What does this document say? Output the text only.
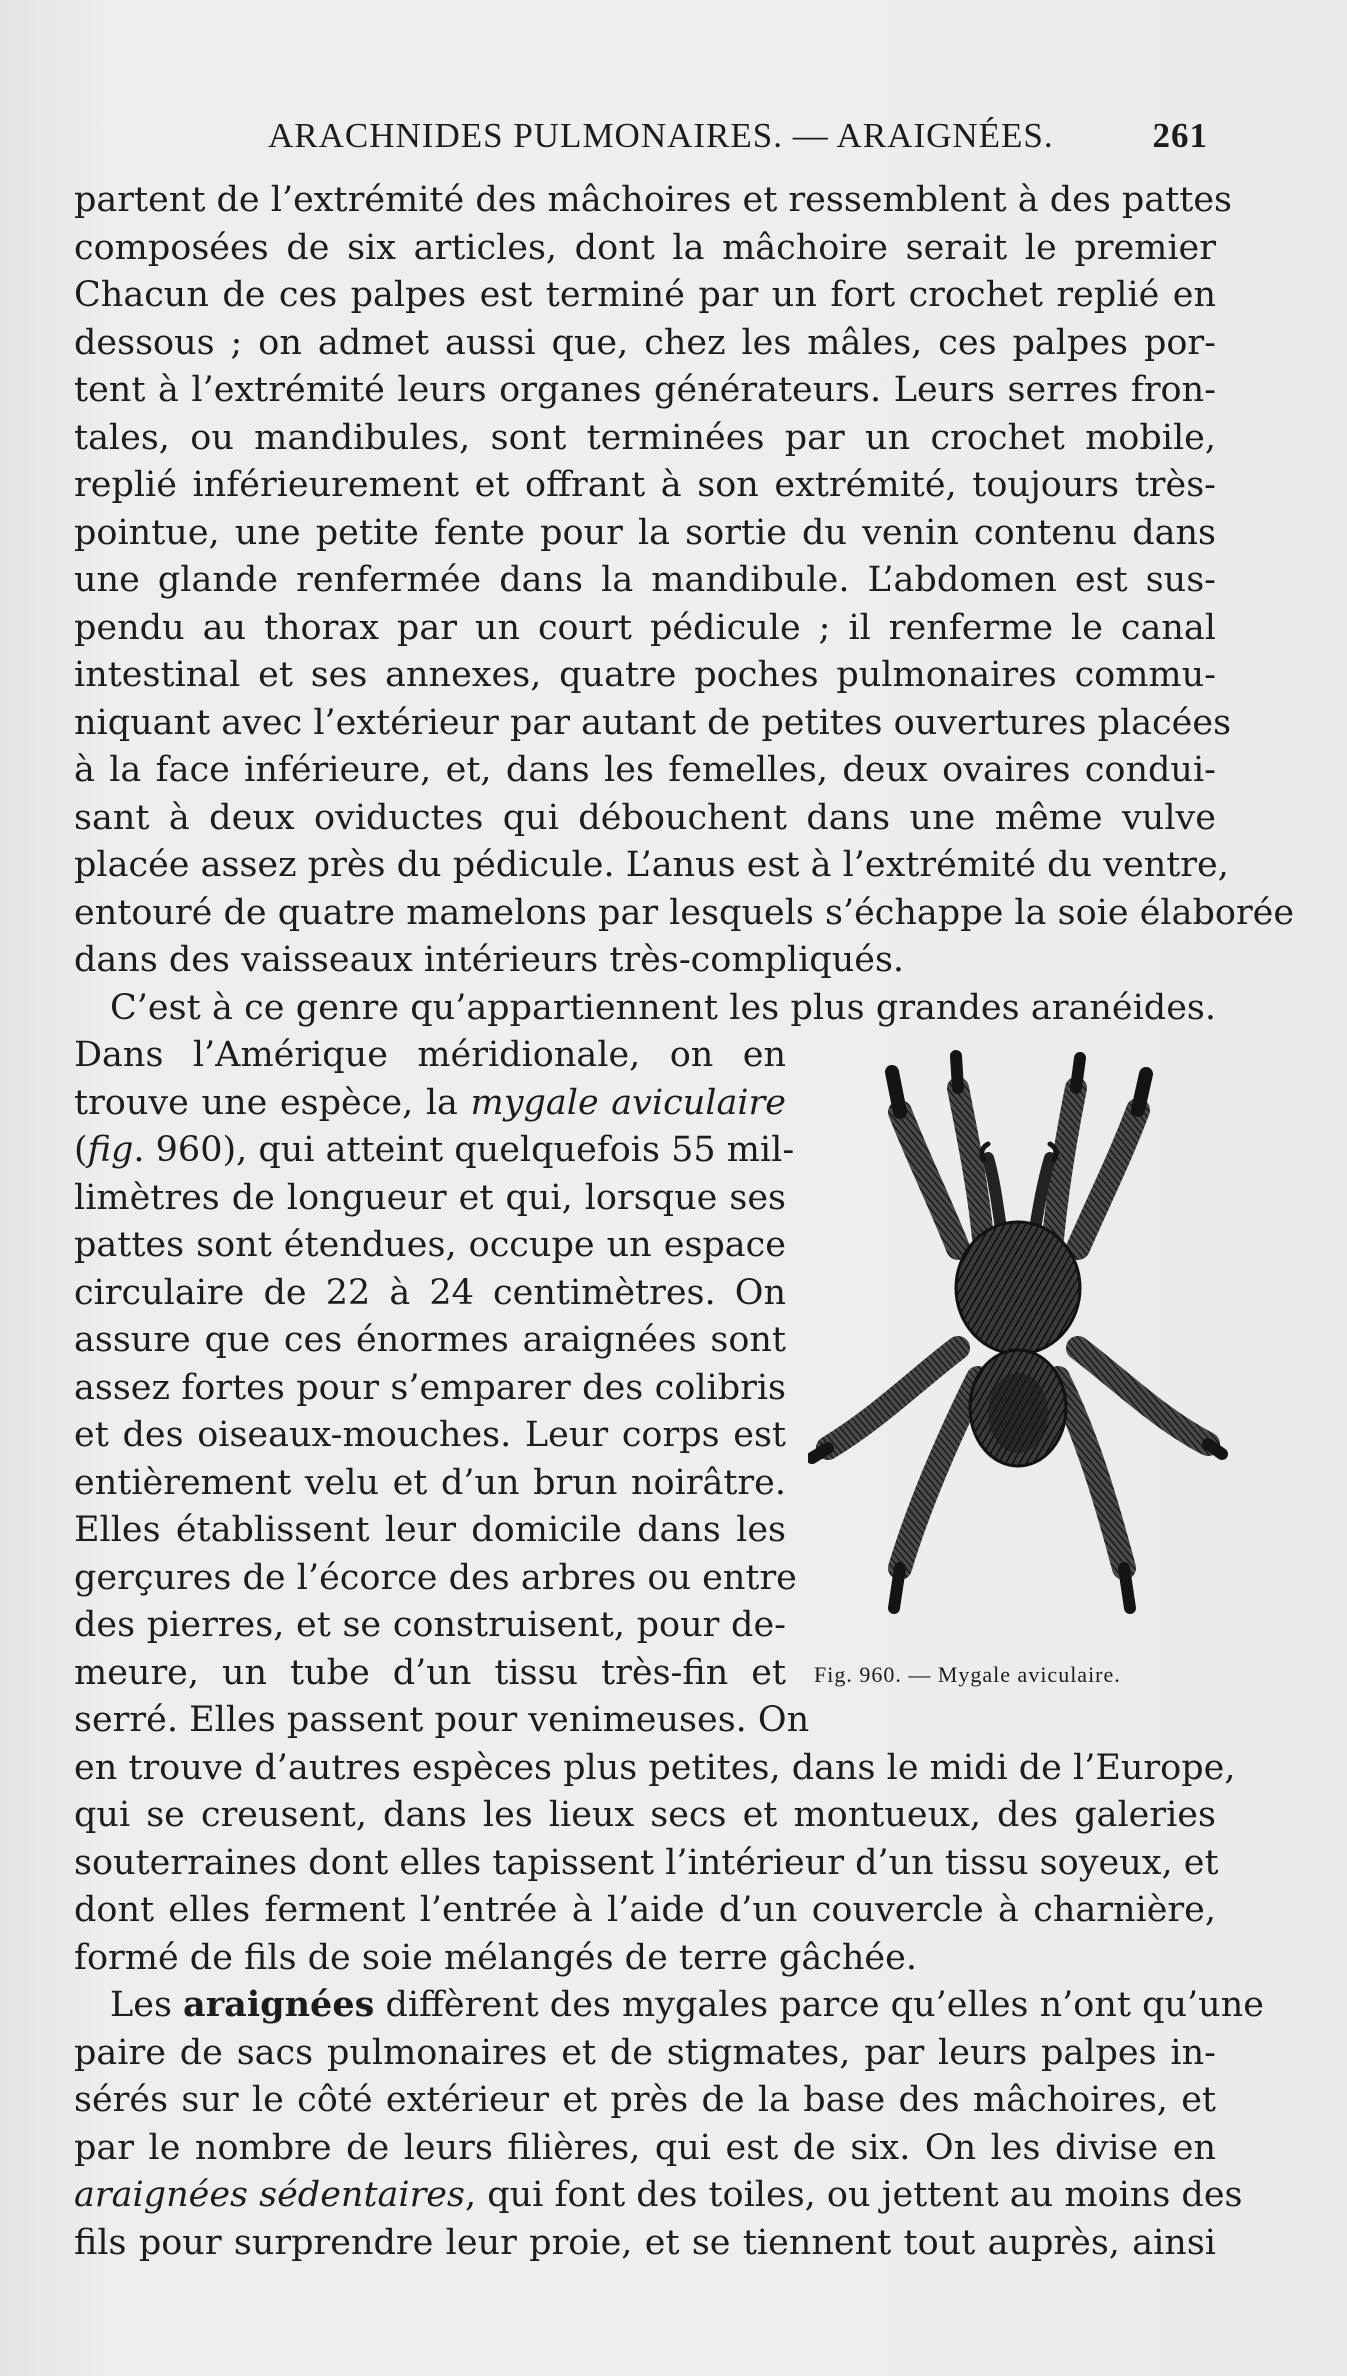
ARACHNIDES PULMONAIRES. — ARAIGNÉES.	261
partent de l’extrémité des mâchoires et ressemblent à des pattes
composées de six articles, dont la mâchoire serait le premier
Chacun de ces palpes est terminé par un fort crochet replié en
dessous ; on admet aussi que, chez les mâles, ces palpes por-
tent à l’extrémité leurs organes générateurs. Leurs serres fron-
tales, ou mandibules, sont terminées par un crochet mobile,
replié inférieurement et offrant à son extrémité, toujours très-
pointue, une petite fente pour la sortie du venin contenu dans
une glande renfermée dans la mandibule. L’abdomen est sus-
pendu au thorax par un court pédicule ; il renferme le canal
intestinal et ses annexes, quatre poches pulmonaires commu-
niquant avec l’extérieur par autant de petites ouvertures placées
à la face inférieure, et, dans les femelles, deux ovaires condui-
sant à deux oviductes qui débouchent dans une même vulve
placée assez près du pédicule. L’anus est à l’extrémité du ventre,
entouré de quatre mamelons par lesquels s’échappe la soie élaborée
dans des vaisseaux intérieurs très-compliqués.
C’est à ce genre qu’appartiennent les plus grandes aranéides.
Dans l’Amérique méridionale, on en
trouve une espèce, la mygale aviculaire
(fig. 960), qui atteint quelquefois 55 mil-
limètres de longueur et qui, lorsque ses
pattes sont étendues, occupe un espace
circulaire de 22 à 24 centimètres. On
assure que ces énormes araignées sont
assez fortes pour s’emparer des colibris
et des oiseaux-mouches. Leur corps est
entièrement velu et d’un brun noirâtre.
Elles établissent leur domicile dans les
gerçures de l’écorce des arbres ou entre
des pierres, et se construisent, pour de-
meure, un tube d’un tissu très-fin et
serré. Elles passent pour venimeuses. On
en trouve d’autres espèces plus petites, dans le midi de l’Europe,
qui se creusent, dans les lieux secs et montueux, des galeries
souterraines dont elles tapissent l’intérieur d’un tissu soyeux, et
dont elles ferment l’entrée à l’aide d’un couvercle à charnière,
formé de fils de soie mélangés de terre gâchée.
Fig. 960. — Mygale aviculaire.
Les araignées diffèrent des mygales parce qu’elles n’ont qu’une
paire de sacs pulmonaires et de stigmates, par leurs palpes in-
sérés sur le côté extérieur et près de la base des mâchoires, et
par le nombre de leurs filières, qui est de six. On les divise en
araignées sédentaires, qui font des toiles, ou jettent au moins des
fils pour surprendre leur proie, et se tiennent tout auprès, ainsi
